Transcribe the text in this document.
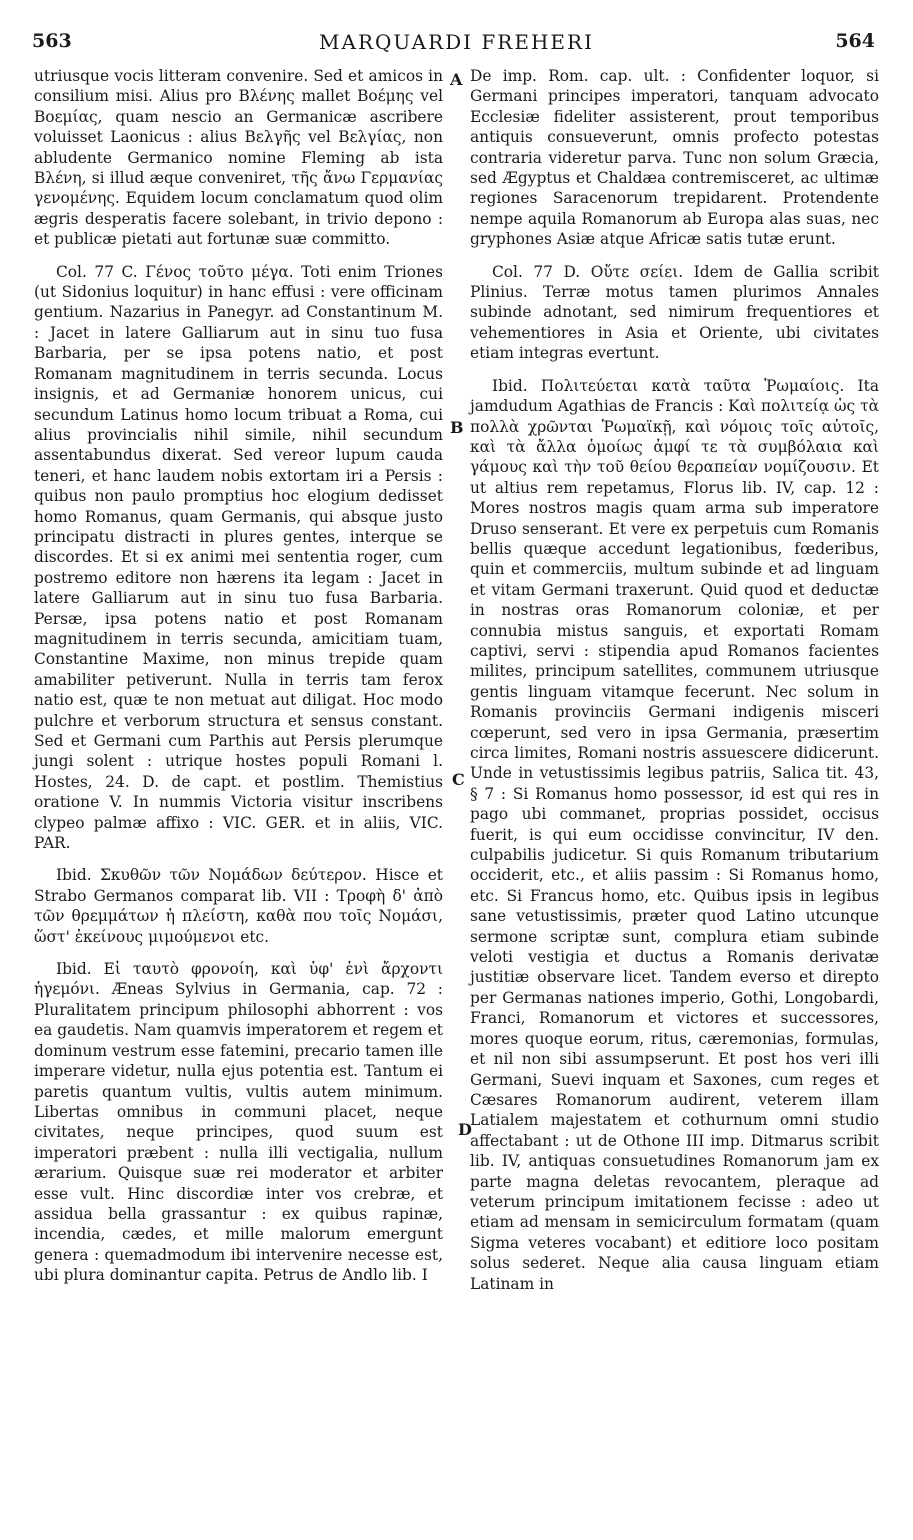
563	MARQUARDI FREHERI	564

utriusque vocis litteram convenire. Sed et amicos in consilium misi. Alius pro Βλένης mallet Βοέμης vel Βοεμίας, quam nescio an Germanicæ ascribere voluisset Laonicus : alius Βελγῆς vel Βελγίας, non abludente Germanico nomine Fleming ab ista Βλένη, si illud æque conveniret, τῆς ἄνω Γερμανίας γενομένης. Equidem locum conclamatum quod olim ægris desperatis facere solebant, in trivio depono : et publicæ pietati aut fortunæ suæ committo.

Col. 77 C. Γένος τοῦτο μέγα. Toti enim Triones (ut Sidonius loquitur) in hanc effusi : vere officinam gentium. Nazarius in Panegyr. ad Constantinum M. : Jacet in latere Galliarum aut in sinu tuo fusa Barbaria, per se ipsa potens natio, et post Romanam magnitudinem in terris secunda. Locus insignis, et ad Germaniæ honorem unicus, cui secundum Latinus homo locum tribuat a Roma, cui alius provincialis nihil simile, nihil secundum assentabundus dixerat. Sed vereor lupum cauda teneri, et hanc laudem nobis extortam iri a Persis : quibus non paulo promptius hoc elogium dedisset homo Romanus, quam Germanis, qui absque justo principatu distracti in plures gentes, interque se discordes. Et si ex animi mei sententia roger, cum postremo editore non hærens ita legam : Jacet in latere Galliarum aut in sinu tuo fusa Barbaria. Persæ, ipsa potens natio et post Romanam magnitudinem in terris secunda, amicitiam tuam, Constantine Maxime, non minus trepide quam amabiliter petiverunt. Nulla in terris tam ferox natio est, quæ te non metuat aut diligat. Hoc modo pulchre et verborum structura et sensus constant. Sed et Germani cum Parthis aut Persis plerumque jungi solent : utrique hostes populi Romani l. Hostes, 24. D. de capt. et postlim. Themistius oratione V. In nummis Victoria visitur inscribens clypeo palmæ affixo : VIC. GER. et in aliis, VIC. PAR.

Ibid. Σκυθῶν τῶν Νομάδων δεύτερον. Hisce et Strabo Germanos comparat lib. VII : Τροφὴ δ' ἀπὸ τῶν θρεμμάτων ἡ πλείστη, καθὰ που τοῖς Νομάσι, ὥστ' ἐκείνους μιμούμενοι etc.

Ibid. Εἰ ταυτὸ φρονοίη, καὶ ὑφ' ἑνὶ ἄρχοντι ἡγεμόνι. Æneas Sylvius in Germania, cap. 72 : Pluralitatem principum philosophi abhorrent : vos ea gaudetis. Nam quamvis imperatorem et regem et dominum vestrum esse fatemini, precario tamen ille imperare videtur, nulla ejus potentia est. Tantum ei paretis quantum vultis, vultis autem minimum. Libertas omnibus in communi placet, neque civitates, neque principes, quod suum est imperatori præbent : nulla illi vectigalia, nullum ærarium. Quisque suæ rei moderator et arbiter esse vult. Hinc discordiæ inter vos crebræ, et assidua bella grassantur : ex quibus rapinæ, incendia, cædes, et mille malorum emergunt genera : quemadmodum ibi intervenire necesse est, ubi plura dominantur capita. Petrus de Andlo lib. I

De imp. Rom. cap. ult. : Confidenter loquor, si Germani principes imperatori, tanquam advocato Ecclesiæ fideliter assisterent, prout temporibus antiquis consueverunt, omnis profecto potestas contraria videretur parva. Tunc non solum Græcia, sed Ægyptus et Chaldæa contremisceret, ac ultimæ regiones Saracenorum trepidarent. Protendente nempe aquila Romanorum ab Europa alas suas, nec gryphones Asiæ atque Africæ satis tutæ erunt.

Col. 77 D. Οὔτε σείει. Idem de Gallia scribit Plinius. Terræ motus tamen plurimos Annales subinde adnotant, sed nimirum frequentiores et vehementiores in Asia et Oriente, ubi civitates etiam integras evertunt.

Ibid. Πολιτεύεται κατὰ ταῦτα Ῥωμαίοις. Ita jamdudum Agathias de Francis : Καὶ πολιτείᾳ ὡς τὰ πολλὰ χρῶνται Ῥωμαϊκῇ, καὶ νόμοις τοῖς αὐτοῖς, καὶ τὰ ἄλλα ὁμοίως ἀμφί τε τὰ συμβόλαια καὶ γάμους καὶ τὴν τοῦ θείου θεραπείαν νομίζουσιν. Et ut altius rem repetamus, Florus lib. IV, cap. 12 : Mores nostros magis quam arma sub imperatore Druso senserant. Et vere ex perpetuis cum Romanis bellis quæque accedunt legationibus, fœderibus, quin et commerciis, multum subinde et ad linguam et vitam Germani traxerunt. Quid quod et deductæ in nostras oras Romanorum coloniæ, et per connubia mistus sanguis, et exportati Romam captivi, servi : stipendia apud Romanos facientes milites, principum satellites, communem utriusque gentis linguam vitamque fecerunt. Nec solum in Romanis provinciis Germani indigenis misceri cœperunt, sed vero in ipsa Germania, præsertim circa limites, Romani nostris assuescere didicerunt. Unde in vetustissimis legibus patriis, Salica tit. 43, § 7 : Si Romanus homo possessor, id est qui res in pago ubi commanet, proprias possidet, occisus fuerit, is qui eum occidisse convincitur, IV den. culpabilis judicetur. Si quis Romanum tributarium occiderit, etc., et aliis passim : Si Romanus homo, etc. Si Francus homo, etc. Quibus ipsis in legibus sane vetustissimis, præter quod Latino utcunque sermone scriptæ sunt, complura etiam subinde veloti vestigia et ductus a Romanis derivatæ justitiæ observare licet. Tandem everso et direpto per Germanas nationes imperio, Gothi, Longobardi, Franci, Romanorum et victores et successores, mores quoque eorum, ritus, cæremonias, formulas, et nil non sibi assumpserunt. Et post hos veri illi Germani, Suevi inquam et Saxones, cum reges et Cæsares Romanorum audirent, veterem illam Latialem majestatem et cothurnum omni studio affectabant : ut de Othone III imp. Ditmarus scribit lib. IV, antiquas consuetudines Romanorum jam ex parte magna deletas revocantem, pleraque ad veterum principum imitationem fecisse : adeo ut etiam ad mensam in semicirculum formatam (quam Sigma veteres vocabant) et editiore loco positam solus sederet. Neque alia causa linguam etiam Latinam in

A
B
C
D
